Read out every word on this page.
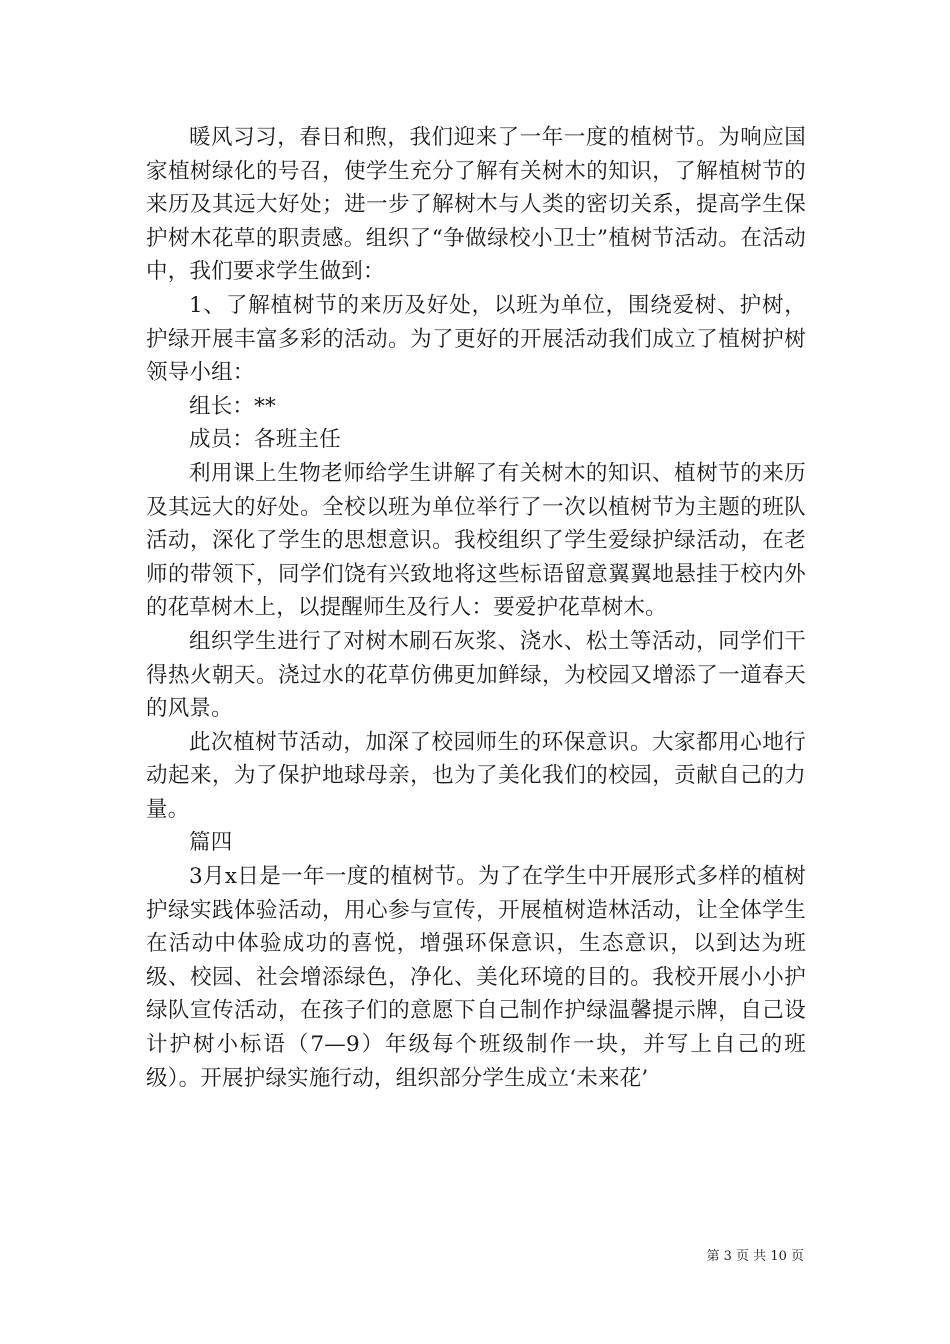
暖风习习，春日和煦，我们迎来了一年一度的植树节。为响应国家植树绿化的号召，使学生充分了解有关树木的知识，了解植树节的来历及其远大好处；进一步了解树木与人类的密切关系，提高学生保护树木花草的职责感。组织了“争做绿校小卫士”植树节活动。在活动中，我们要求学生做到：

1、了解植树节的来历及好处，以班为单位，围绕爱树、护树，护绿开展丰富多彩的活动。为了更好的开展活动我们成立了植树护树领导小组：

组长：**

成员：各班主任

利用课上生物老师给学生讲解了有关树木的知识、植树节的来历及其远大的好处。全校以班为单位举行了一次以植树节为主题的班队活动，深化了学生的思想意识。我校组织了学生爱绿护绿活动，在老师的带领下，同学们饶有兴致地将这些标语留意翼翼地悬挂于校内外的花草树木上，以提醒师生及行人：要爱护花草树木。

组织学生进行了对树木刷石灰浆、浇水、松土等活动，同学们干得热火朝天。浇过水的花草仿佛更加鲜绿，为校园又增添了一道春天的风景。

此次植树节活动，加深了校园师生的环保意识。大家都用心地行动起来，为了保护地球母亲，也为了美化我们的校园，贡献自己的力量。

篇四

3月x日是一年一度的植树节。为了在学生中开展形式多样的植树护绿实践体验活动，用心参与宣传，开展植树造林活动，让全体学生在活动中体验成功的喜悦，增强环保意识，生态意识，以到达为班级、校园、社会增添绿色，净化、美化环境的目的。我校开展小小护绿队宣传活动，在孩子们的意愿下自己制作护绿温馨提示牌，自己设计护树小标语（7—9）年级每个班级制作一块，并写上自己的班级）。开展护绿实施行动，组织部分学生成立‘未来花’

第 3 页 共 10 页
